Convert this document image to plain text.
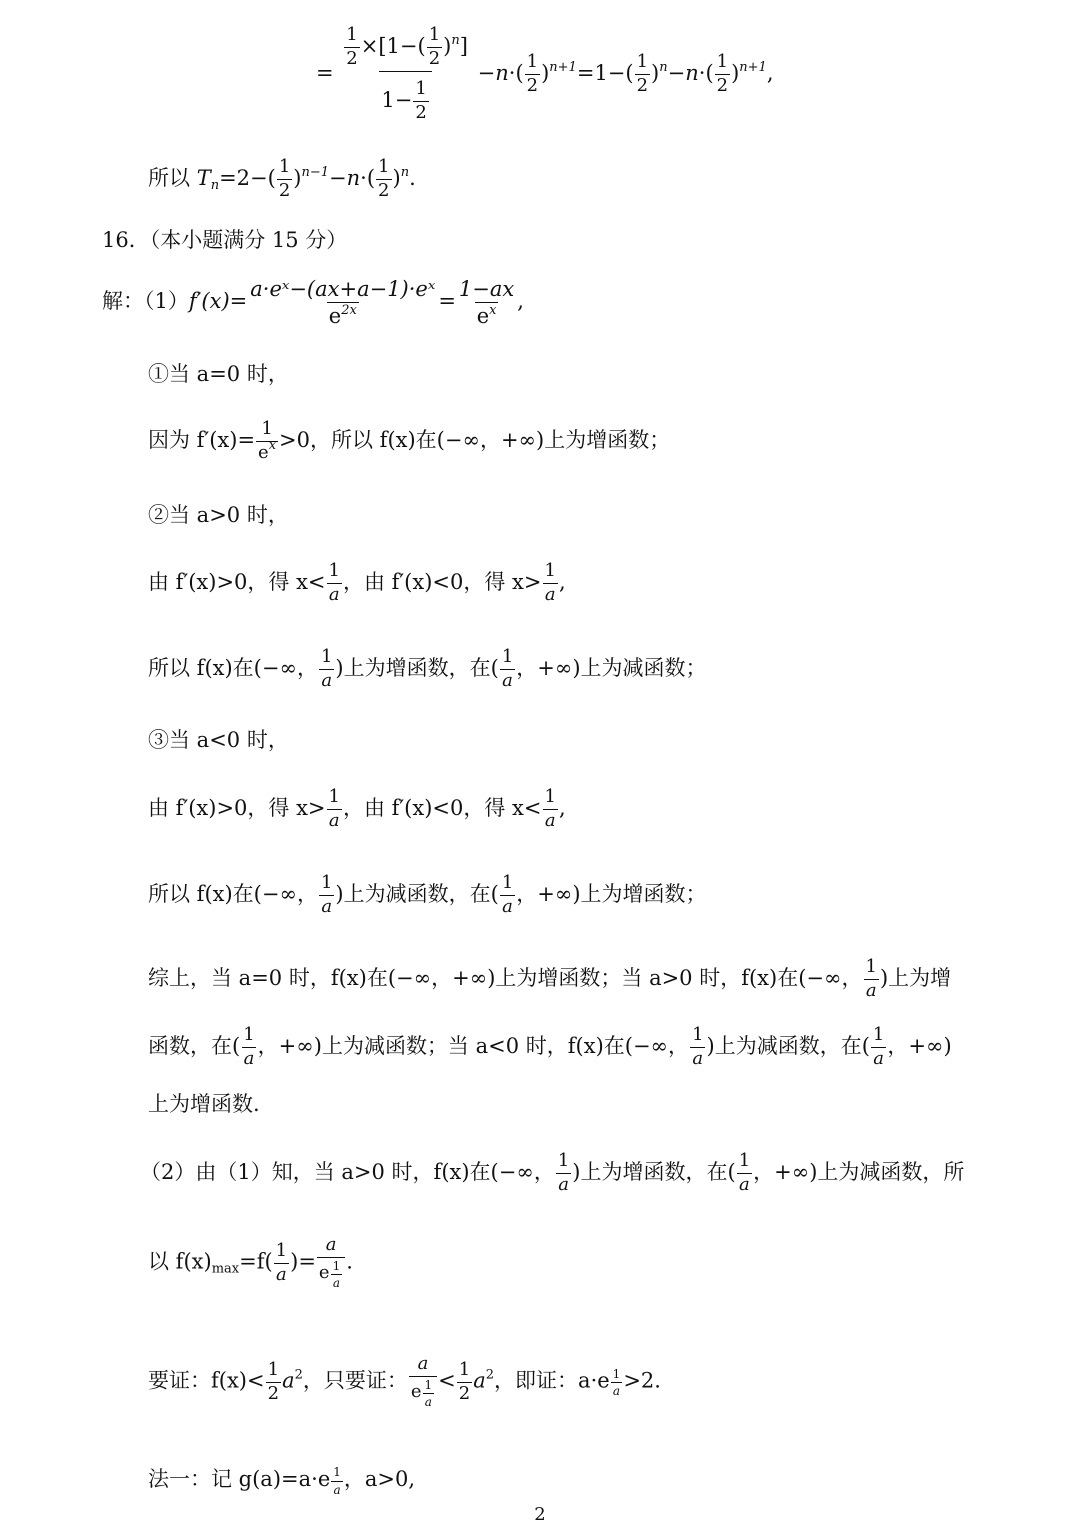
= $\frac{\frac{1}{2} \times[1-( \frac{1}{2} )^n]}{1- \frac{1}{2}} -n\cdot( \frac{1}{2} )^{n+1}=1-( \frac{1}{2} )^n-n\cdot( \frac{1}{2} )^{n+1}$,
所以 $T_n=2-( \frac{1}{2} )^{n-1}-n\cdot( \frac{1}{2} )^n$.
16．（本小题满分 15 分）
解：$(1)f'(x)= \frac{\text{a·eˣ−(ax+a−1)·eˣ}}{e^{2x}} = \frac{1-ax}{e^x}$ ,
①当 a=0 时，
因为 $f'(x)= \frac{1}{e^x} >0$，所以 f(x)在(−∞，+∞)上为增函数；
②当 a>0 时，
由 f′(x)>0，得 $x< \frac{1}{a}$ ，由 f′(x)<0，得 $x> \frac{1}{a}$ ,
所以 f(x)在(−∞， $\frac{1}{a}$ )上为增函数，在( $\frac{1}{a}$ ，+∞)上为减函数；
③当 a<0 时，
由 f′(x)>0，得 $x> \frac{1}{a}$ ，由 f′(x)<0，得 $x< \frac{1}{a}$ ,
所以 f(x)在(−∞， $\frac{1}{a}$ )上为减函数，在( $\frac{1}{a}$ ，+∞)上为增函数；
综上，当 a=0 时，f(x)在(−∞，+∞)上为增函数；当 a>0 时，f(x)在(−∞， $\frac{1}{a}$ )上为增
函数，在( $\frac{1}{a}$ ，+∞)上为减函数；当 a<0 时，f(x)在(−∞， $\frac{1}{a}$ )上为减函数，在( $\frac{1}{a}$ ，+∞)
上为增函数.
（2）由（1）知，当 a>0 时，f(x)在(−∞， $\frac{1}{a}$ )上为增函数，在( $\frac{1}{a}$ ，+∞)上为减函数，所
以 $f(x)_{max}=f( \frac{1}{a}$ )= $\frac{a}{e \frac{1}{a}}$ .
要证：$f(x)< \frac{1}{2} a^2$，只要证： $\frac{a}{e \frac{1}{a}} < \frac{1}{2} a^2$，即证：$a\cdot e \frac{1}{a} >2$.
法一：记 $g(a)=a\cdot e \frac{1}{a}$ ，a>0,
2
